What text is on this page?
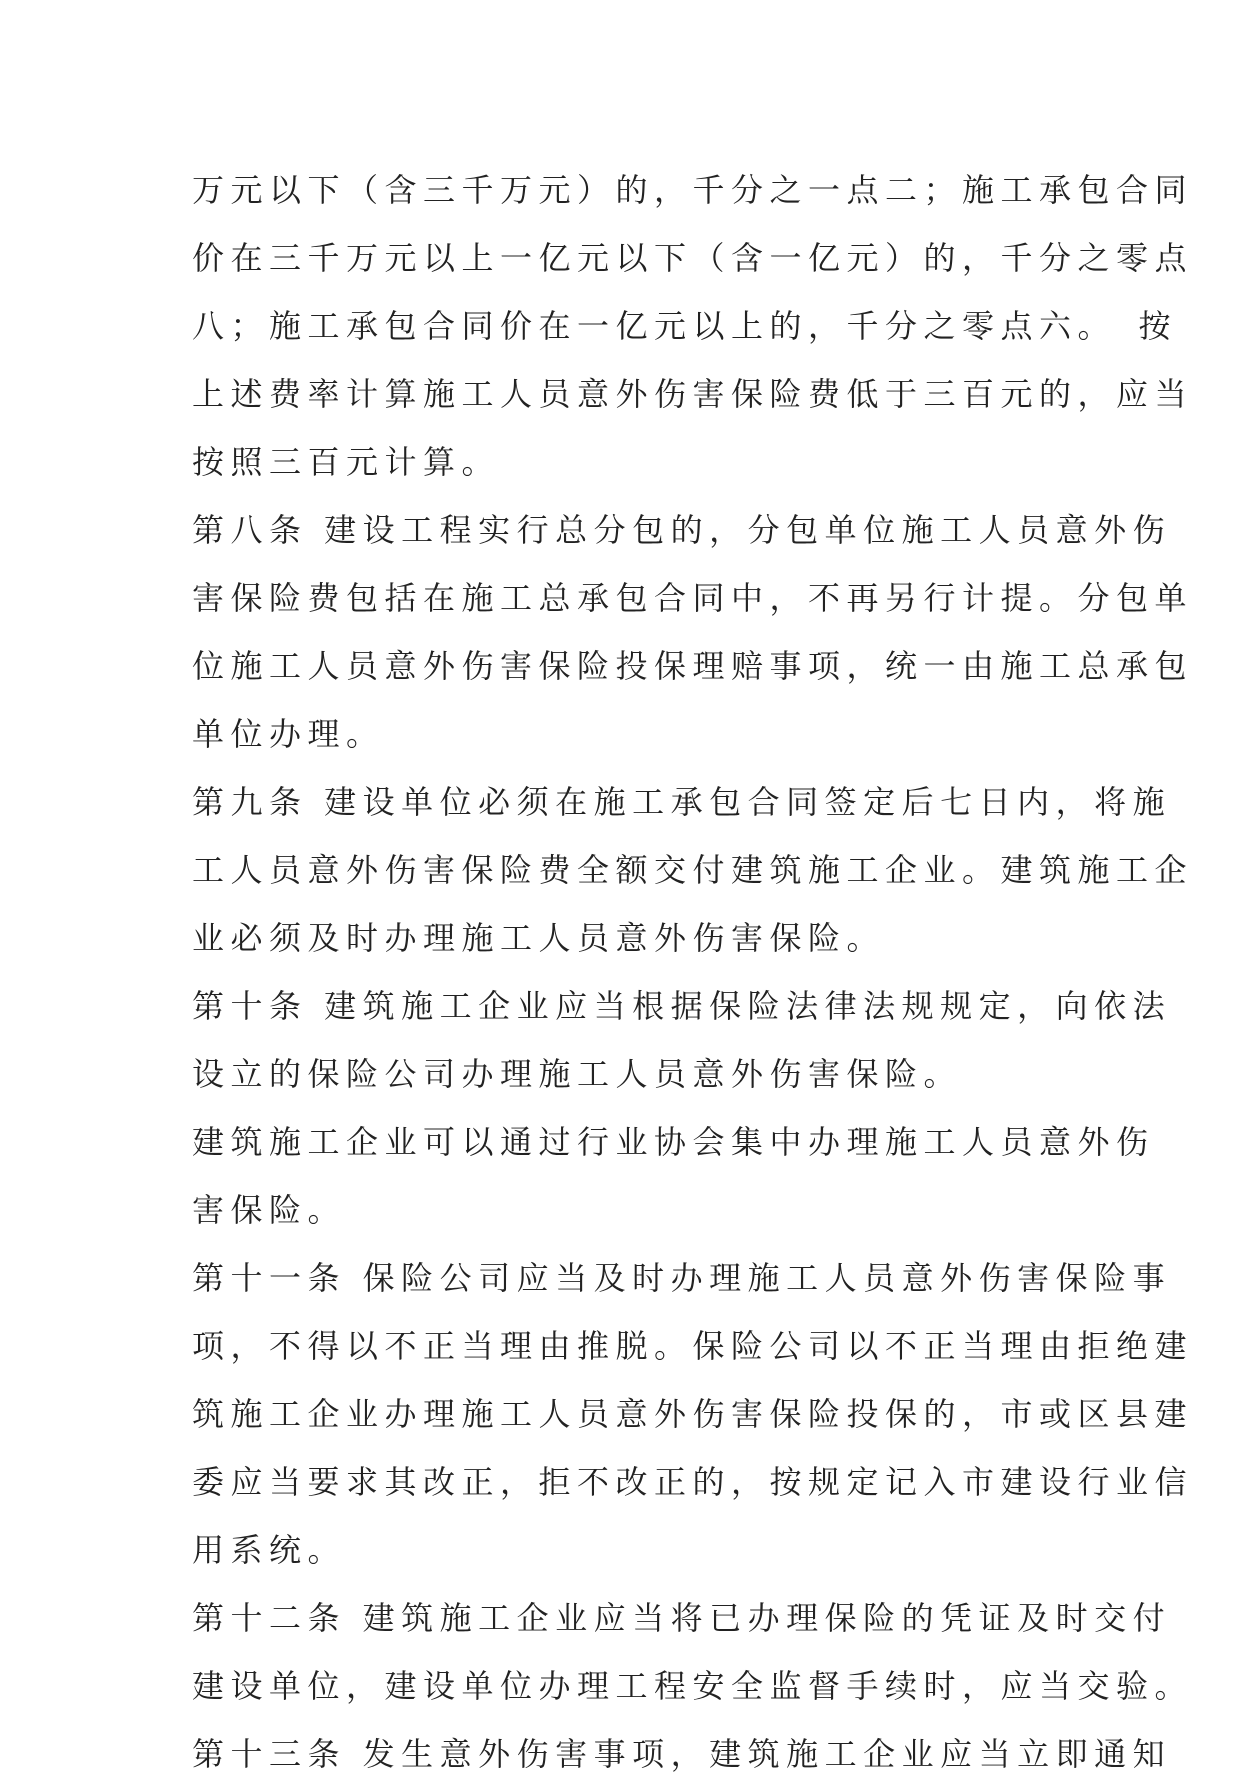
万元以下（含三千万元）的，千分之一点二；施工承包合同
价在三千万元以上一亿元以下（含一亿元）的，千分之零点
八；施工承包合同价在一亿元以上的，千分之零点六。　按
上述费率计算施工人员意外伤害保险费低于三百元的，应当
按照三百元计算。
第八条 建设工程实行总分包的，分包单位施工人员意外伤
害保险费包括在施工总承包合同中，不再另行计提。分包单
位施工人员意外伤害保险投保理赔事项，统一由施工总承包
单位办理。
第九条 建设单位必须在施工承包合同签定后七日内，将施
工人员意外伤害保险费全额交付建筑施工企业。建筑施工企
业必须及时办理施工人员意外伤害保险。
第十条 建筑施工企业应当根据保险法律法规规定，向依法
设立的保险公司办理施工人员意外伤害保险。
建筑施工企业可以通过行业协会集中办理施工人员意外伤
害保险。
第十一条 保险公司应当及时办理施工人员意外伤害保险事
项，不得以不正当理由推脱。保险公司以不正当理由拒绝建
筑施工企业办理施工人员意外伤害保险投保的，市或区县建
委应当要求其改正，拒不改正的，按规定记入市建设行业信
用系统。
第十二条 建筑施工企业应当将已办理保险的凭证及时交付
建设单位，建设单位办理工程安全监督手续时，应当交验。
第十三条 发生意外伤害事项，建筑施工企业应当立即通知
